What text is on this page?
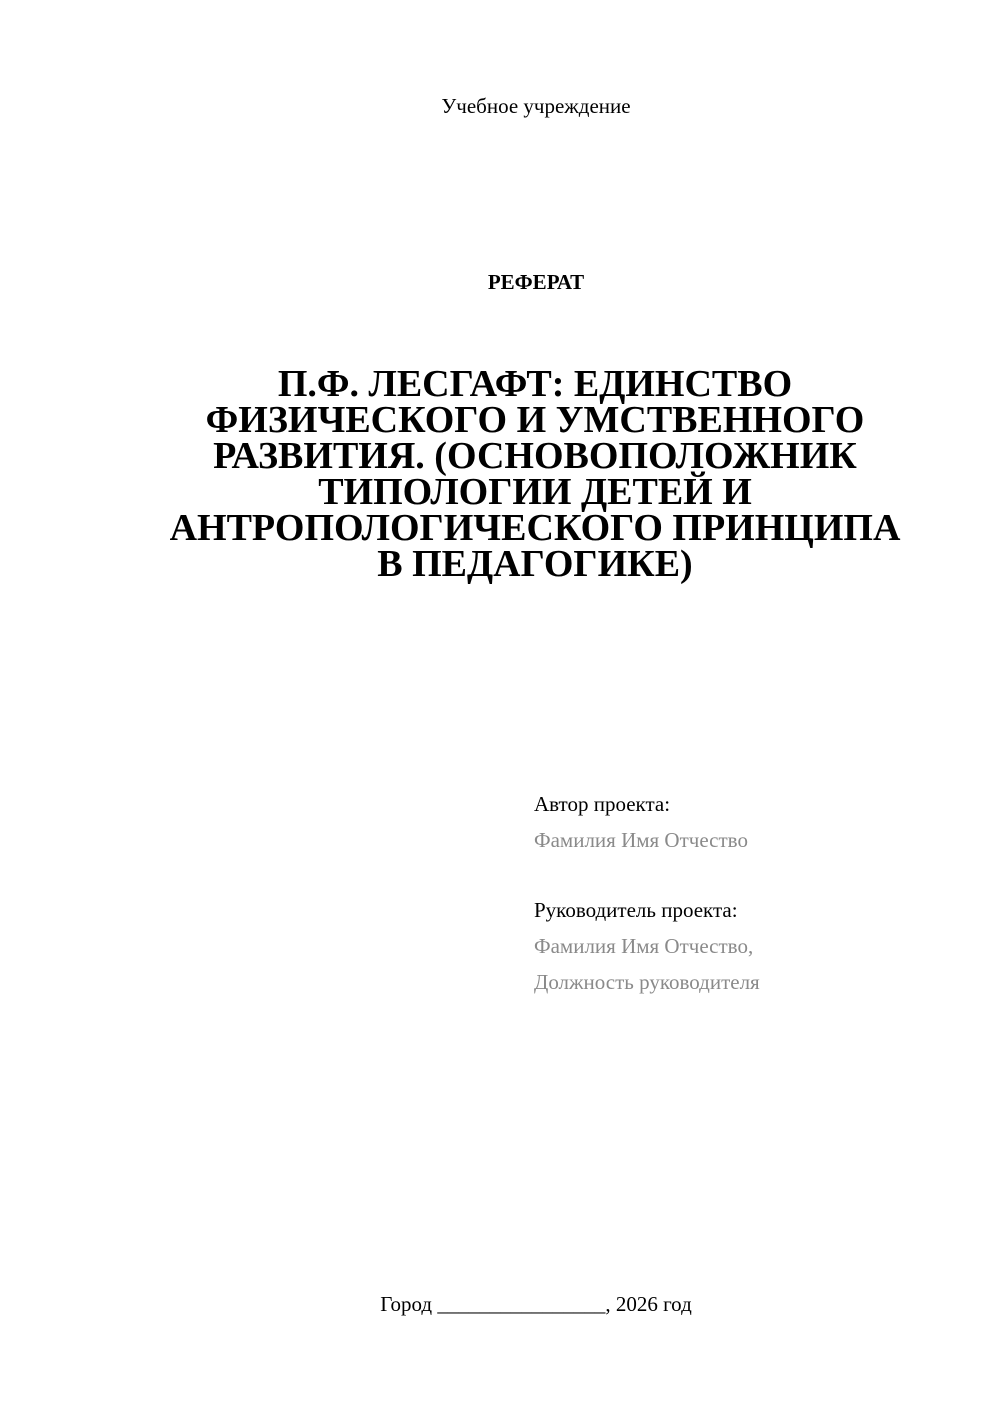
Учебное учреждение
РЕФЕРАТ
П.Ф. ЛЕСГАФТ: ЕДИНСТВО
ФИЗИЧЕСКОГО И УМСТВЕННОГО
РАЗВИТИЯ. (ОСНОВОПОЛОЖНИК
ТИПОЛОГИИ ДЕТЕЙ И
АНТРОПОЛОГИЧЕСКОГО ПРИНЦИПА
В ПЕДАГОГИКЕ)
Автор проекта:
Фамилия Имя Отчество
Руководитель проекта:
Фамилия Имя Отчество,
Должность руководителя
Город ________________, 2026 год
